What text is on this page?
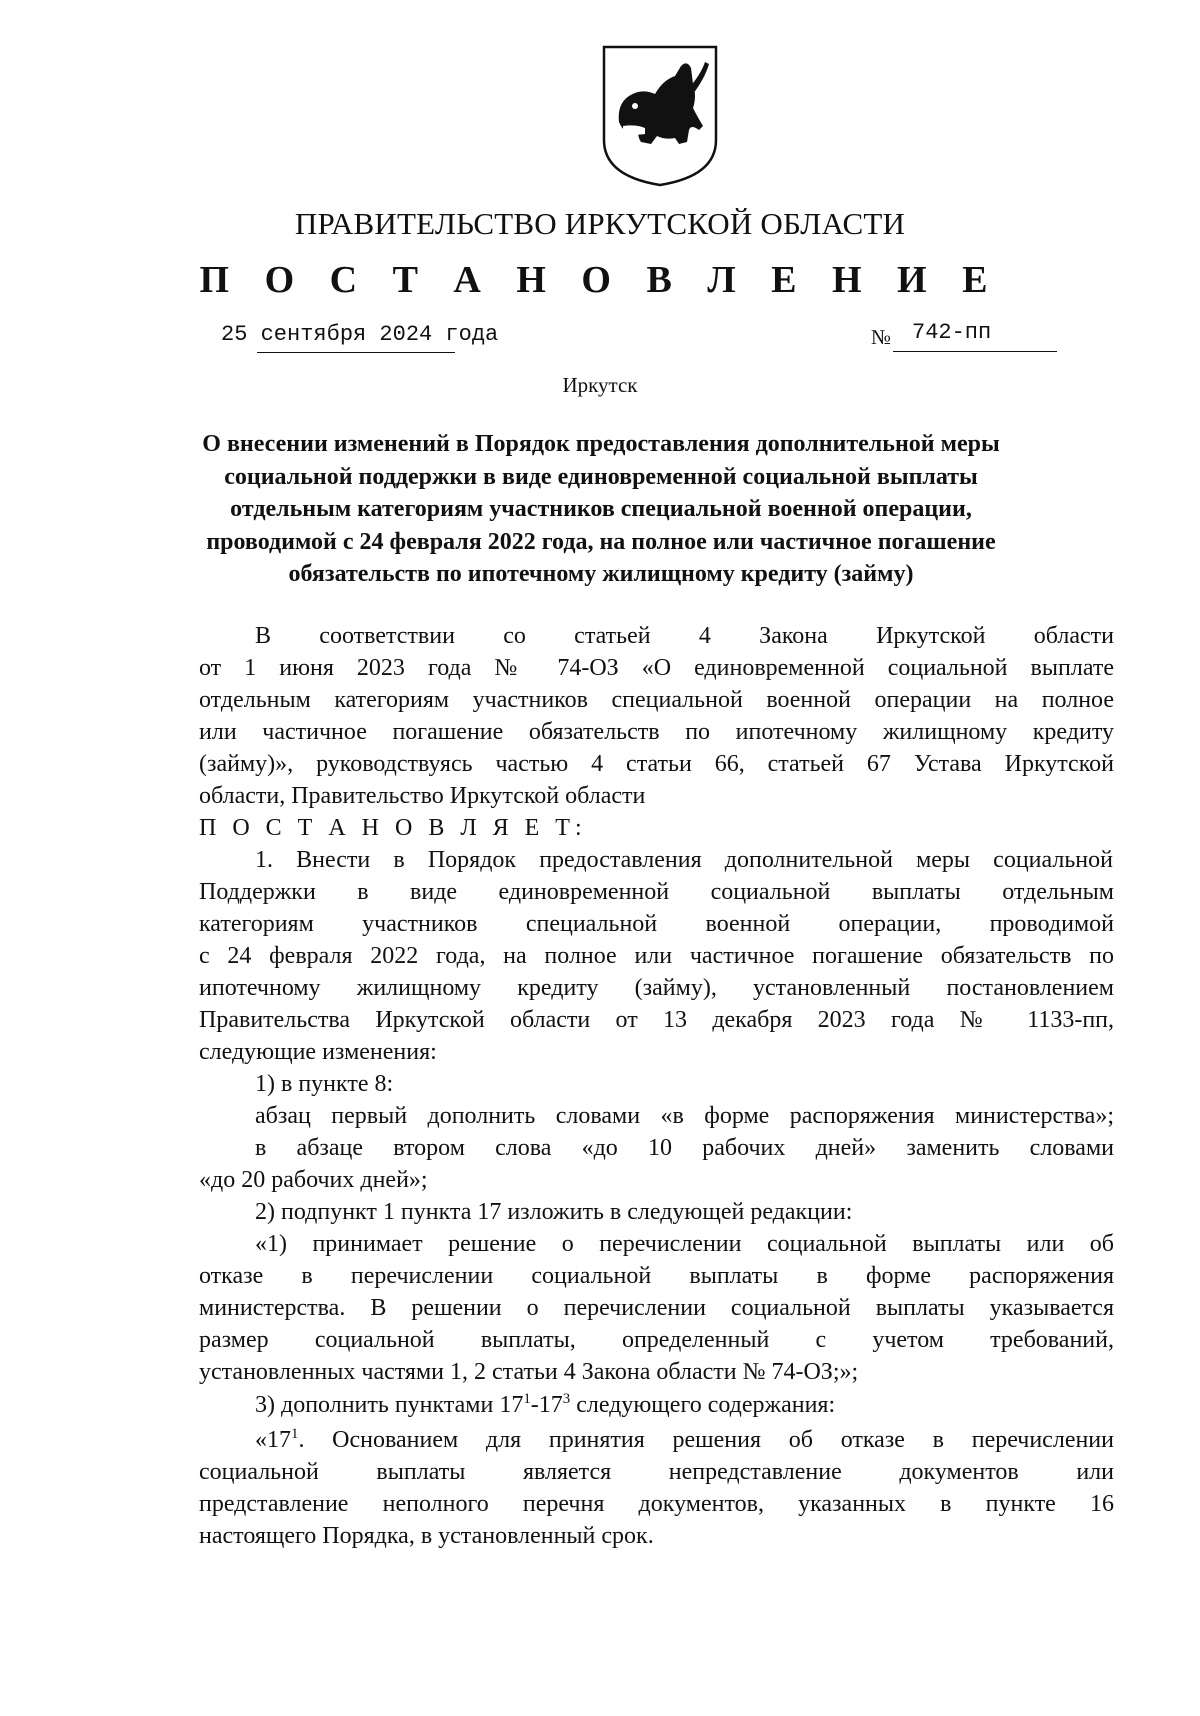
ПРАВИТЕЛЬСТВО ИРКУТСКОЙ ОБЛАСТИ
П О С Т А Н О В Л Е Н И Е
25 сентября 2024 года	№ 742-пп
Иркутск
О внесении изменений в Порядок предоставления дополнительной меры
социальной поддержки в виде единовременной социальной выплаты
отдельным категориям участников специальной военной операции,
проводимой с 24 февраля 2022 года, на полное или частичное погашение
обязательств по ипотечному жилищному кредиту (займу)
В соответствии со статьей 4 Закона Иркутской области
от 1 июня 2023 года № 74-ОЗ «О единовременной социальной выплате
отдельным категориям участников специальной военной операции на полное
или частичное погашение обязательств по ипотечному жилищному кредиту
(займу)», руководствуясь частью 4 статьи 66, статьей 67 Устава Иркутской
области, Правительство Иркутской области
П О С Т А Н О В Л Я Е Т:
1. Внести в Порядок предоставления дополнительной меры социальной
Поддержки в виде единовременной социальной выплаты отдельным
категориям участников специальной военной операции, проводимой
с 24 февраля 2022 года, на полное или частичное погашение обязательств по
ипотечному жилищному кредиту (займу), установленный постановлением
Правительства Иркутской области от 13 декабря 2023 года № 1133-пп,
следующие изменения:
1) в пункте 8:
абзац первый дополнить словами «в форме распоряжения министерства»;
в абзаце втором слова «до 10 рабочих дней» заменить словами
«до 20 рабочих дней»;
2) подпункт 1 пункта 17 изложить в следующей редакции:
«1) принимает решение о перечислении социальной выплаты или об
отказе в перечислении социальной выплаты в форме распоряжения
министерства. В решении о перечислении социальной выплаты указывается
размер социальной выплаты, определенный с учетом требований,
установленных частями 1, 2 статьи 4 Закона области № 74-ОЗ;»;
3) дополнить пунктами $17^1-17^3$ следующего содержания:
«$17^1$. Основанием для принятия решения об отказе в перечислении
социальной выплаты является непредставление документов или
представление неполного перечня документов, указанных в пункте 16
настоящего Порядка, в установленный срок.
